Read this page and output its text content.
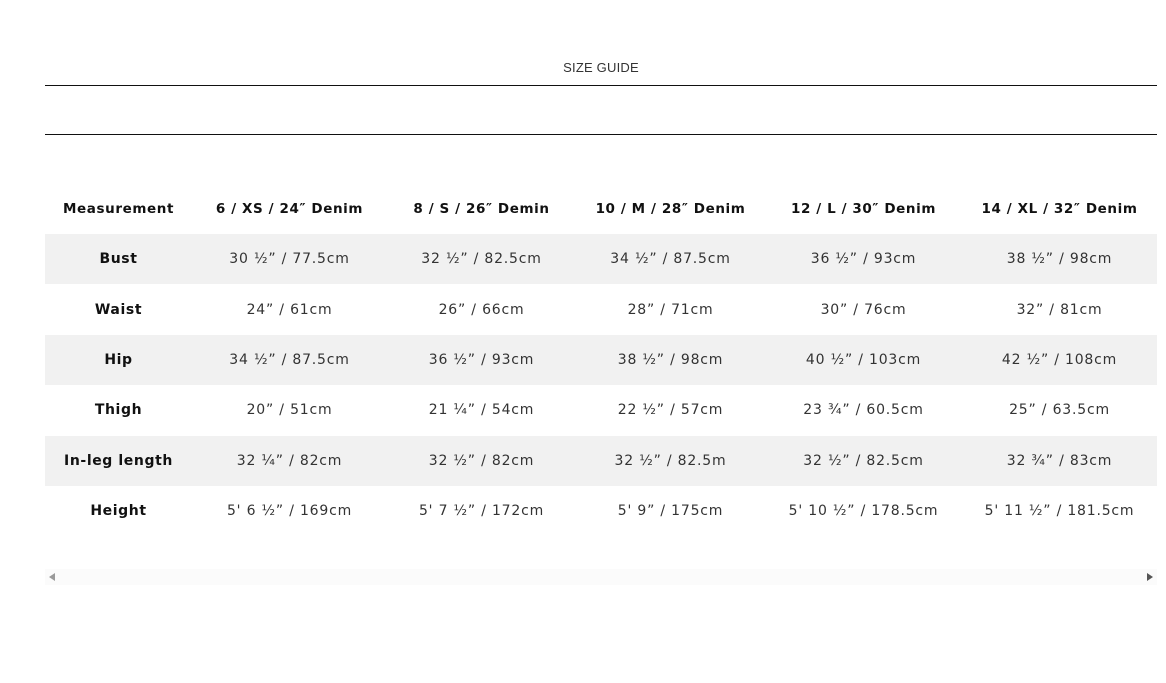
SIZE GUIDE
Measurement	6 / XS / 24″ Denim	8 / S / 26″ Demin	10 / M / 28″ Denim	12 / L / 30″ Denim	14 / XL / 32″ Denim
Bust	30 ½” / 77.5cm	32 ½” / 82.5cm	34 ½” / 87.5cm	36 ½” / 93cm	38 ½” / 98cm
Waist	24” / 61cm	26” / 66cm	28” / 71cm	30” / 76cm	32” / 81cm
Hip	34 ½” / 87.5cm	36 ½” / 93cm	38 ½” / 98cm	40 ½” / 103cm	42 ½” / 108cm
Thigh	20” / 51cm	21 ¼” / 54cm	22 ½” / 57cm	23 ¾” / 60.5cm	25” / 63.5cm
In-leg length	32 ¼” / 82cm	32 ½” / 82cm	32 ½” / 82.5m	32 ½” / 82.5cm	32 ¾” / 83cm
Height	5' 6 ½” / 169cm	5' 7 ½” / 172cm	5' 9” / 175cm	5' 10 ½” / 178.5cm	5' 11 ½” / 181.5cm
